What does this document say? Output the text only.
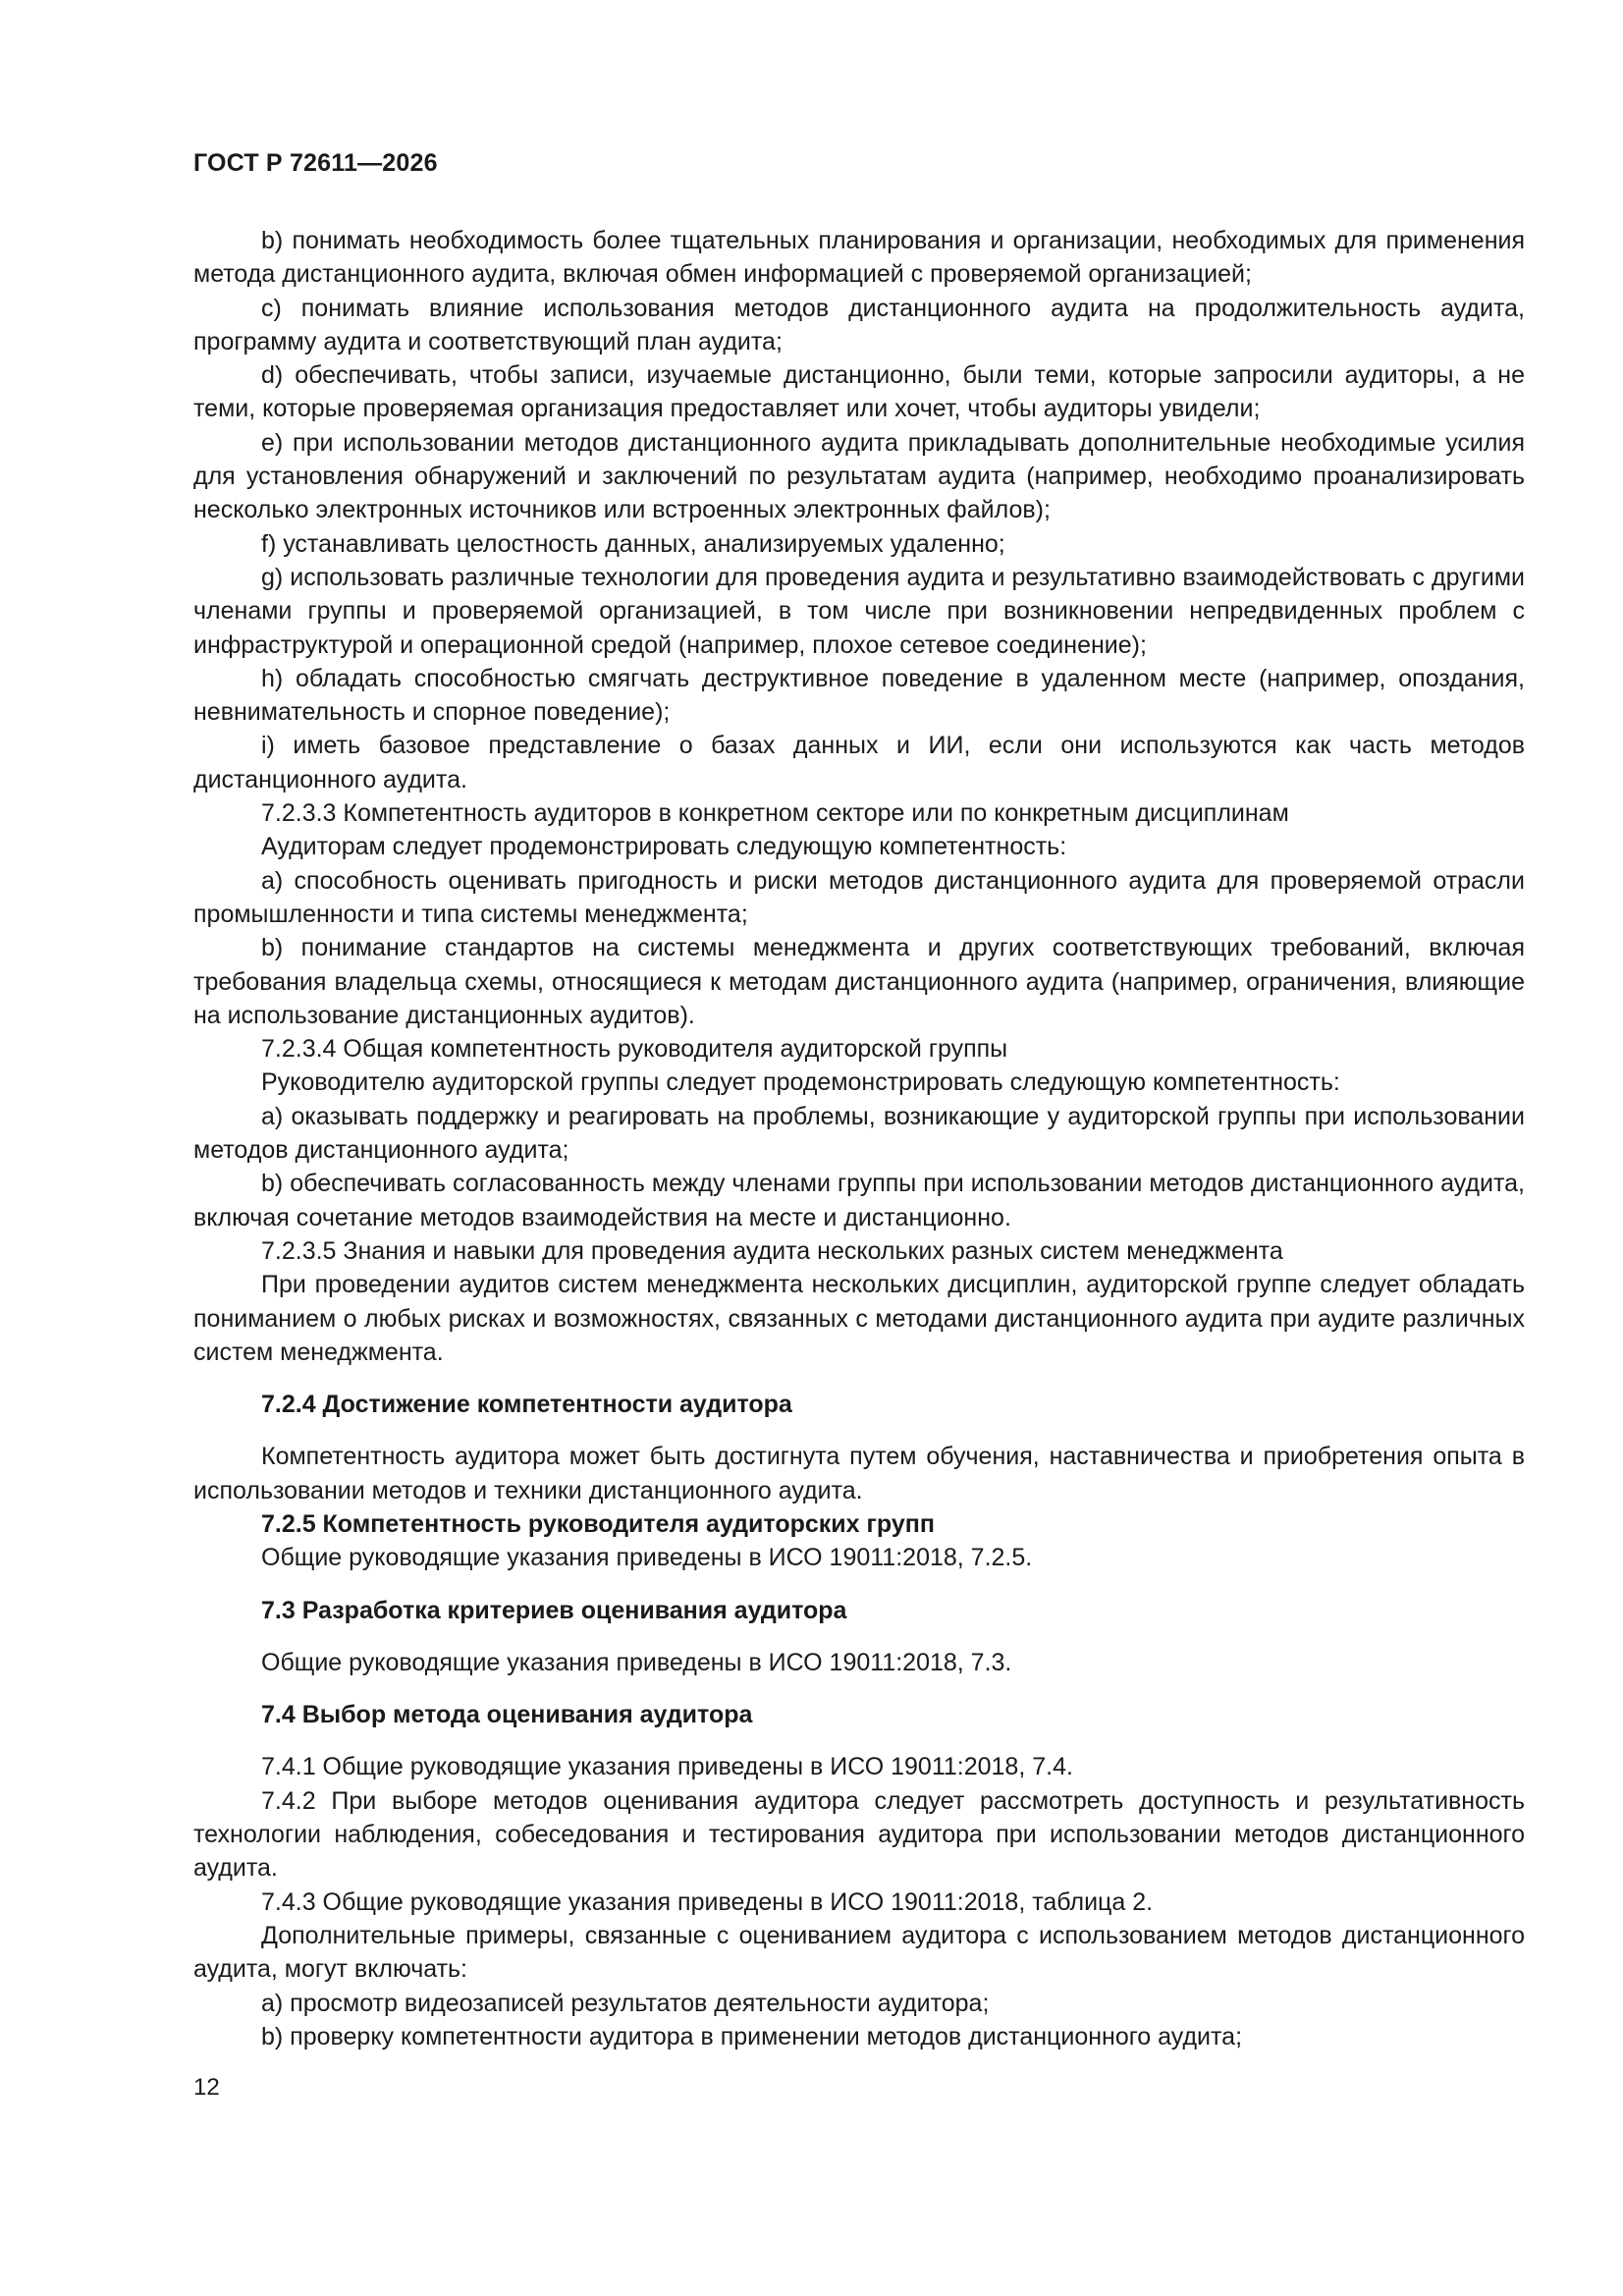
ГОСТ Р 72611—2026

b) понимать необходимость более тщательных планирования и организации, необходимых для применения метода дистанционного аудита, включая обмен информацией с проверяемой организацией;

c) понимать влияние использования методов дистанционного аудита на продолжительность аудита, программу аудита и соответствующий план аудита;

d) обеспечивать, чтобы записи, изучаемые дистанционно, были теми, которые запросили аудиторы, а не теми, которые проверяемая организация предоставляет или хочет, чтобы аудиторы увидели;

e) при использовании методов дистанционного аудита прикладывать дополнительные необходимые усилия для установления обнаружений и заключений по результатам аудита (например, необходимо проанализировать несколько электронных источников или встроенных электронных файлов);

f) устанавливать целостность данных, анализируемых удаленно;

g) использовать различные технологии для проведения аудита и результативно взаимодействовать с другими членами группы и проверяемой организацией, в том числе при возникновении непредвиденных проблем с инфраструктурой и операционной средой (например, плохое сетевое соединение);

h) обладать способностью смягчать деструктивное поведение в удаленном месте (например, опоздания, невнимательность и спорное поведение);

i) иметь базовое представление о базах данных и ИИ, если они используются как часть методов дистанционного аудита.

7.2.3.3 Компетентность аудиторов в конкретном секторе или по конкретным дисциплинам

Аудиторам следует продемонстрировать следующую компетентность:

a) способность оценивать пригодность и риски методов дистанционного аудита для проверяемой отрасли промышленности и типа системы менеджмента;

b) понимание стандартов на системы менеджмента и других соответствующих требований, включая требования владельца схемы, относящиеся к методам дистанционного аудита (например, ограничения, влияющие на использование дистанционных аудитов).

7.2.3.4 Общая компетентность руководителя аудиторской группы

Руководителю аудиторской группы следует продемонстрировать следующую компетентность:

a) оказывать поддержку и реагировать на проблемы, возникающие у аудиторской группы при использовании методов дистанционного аудита;

b) обеспечивать согласованность между членами группы при использовании методов дистанционного аудита, включая сочетание методов взаимодействия на месте и дистанционно.

7.2.3.5 Знания и навыки для проведения аудита нескольких разных систем менеджмента

При проведении аудитов систем менеджмента нескольких дисциплин, аудиторской группе следует обладать пониманием о любых рисках и возможностях, связанных с методами дистанционного аудита при аудите различных систем менеджмента.

7.2.4 Достижение компетентности аудитора

Компетентность аудитора может быть достигнута путем обучения, наставничества и приобретения опыта в использовании методов и техники дистанционного аудита.

7.2.5 Компетентность руководителя аудиторских групп

Общие руководящие указания приведены в ИСО 19011:2018, 7.2.5.

7.3 Разработка критериев оценивания аудитора

Общие руководящие указания приведены в ИСО 19011:2018, 7.3.

7.4 Выбор метода оценивания аудитора

7.4.1 Общие руководящие указания приведены в ИСО 19011:2018, 7.4.

7.4.2 При выборе методов оценивания аудитора следует рассмотреть доступность и результативность технологии наблюдения, собеседования и тестирования аудитора при использовании методов дистанционного аудита.

7.4.3 Общие руководящие указания приведены в ИСО 19011:2018, таблица 2.

Дополнительные примеры, связанные с оцениванием аудитора с использованием методов дистанционного аудита, могут включать:

a) просмотр видеозаписей результатов деятельности аудитора;

b) проверку компетентности аудитора в применении методов дистанционного аудита;

12
